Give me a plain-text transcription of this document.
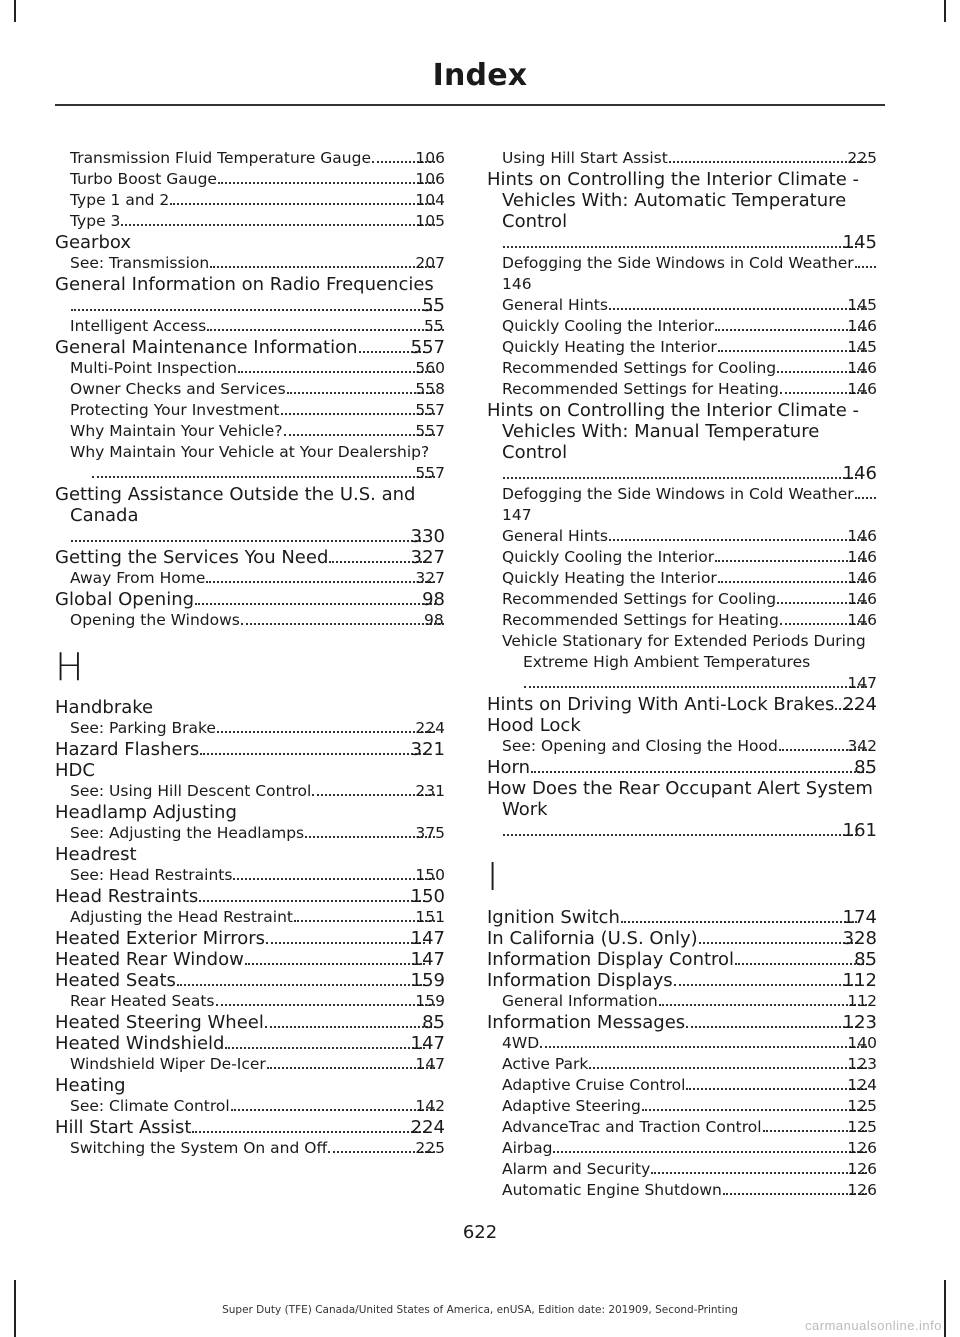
Index
Transmission Fluid Temperature Gauge	106
Turbo Boost Gauge	106
Type 1 and 2	104
Type 3	105
Gearbox
See: Transmission	207
General Information on Radio Frequencies
55
Intelligent Access	55
General Maintenance Information	557
Multi-Point Inspection	560
Owner Checks and Services	558
Protecting Your Investment	557
Why Maintain Your Vehicle?	557
Why Maintain Your Vehicle at Your Dealership?
557
Getting Assistance Outside the U.S. and Canada
330
Getting the Services You Need	327
Away From Home	327
Global Opening	98
Opening the Windows	98
H
Handbrake
See: Parking Brake	224
Hazard Flashers	321
HDC
See: Using Hill Descent Control	231
Headlamp Adjusting
See: Adjusting the Headlamps	375
Headrest
See: Head Restraints	150
Head Restraints	150
Adjusting the Head Restraint	151
Heated Exterior Mirrors	147
Heated Rear Window	147
Heated Seats	159
Rear Heated Seats	159
Heated Steering Wheel	85
Heated Windshield	147
Windshield Wiper De-Icer	147
Heating
See: Climate Control	142
Hill Start Assist	224
Switching the System On and Off	225
Using Hill Start Assist	225
Hints on Controlling the Interior Climate - Vehicles With: Automatic Temperature Control
145
Defogging the Side Windows in Cold Weather
146
General Hints	145
Quickly Cooling the Interior	146
Quickly Heating the Interior	145
Recommended Settings for Cooling	146
Recommended Settings for Heating	146
Hints on Controlling the Interior Climate - Vehicles With: Manual Temperature Control
146
Defogging the Side Windows in Cold Weather
147
General Hints	146
Quickly Cooling the Interior	146
Quickly Heating the Interior	146
Recommended Settings for Cooling	146
Recommended Settings for Heating	146
Vehicle Stationary for Extended Periods During Extreme High Ambient Temperatures
147
Hints on Driving With Anti-Lock Brakes 224
Hood Lock
See: Opening and Closing the Hood	342
Horn	85
How Does the Rear Occupant Alert System Work
161
I
Ignition Switch	174
In California (U.S. Only)	328
Information Display Control	85
Information Displays	112
General Information	112
Information Messages	123
4WD	140
Active Park	123
Adaptive Cruise Control	124
Adaptive Steering	125
AdvanceTrac and Traction Control	125
Airbag	126
Alarm and Security	126
Automatic Engine Shutdown	126
622
Super Duty (TFE) Canada/United States of America, enUSA, Edition date: 201909, Second-Printing
carmanualsonline.info
